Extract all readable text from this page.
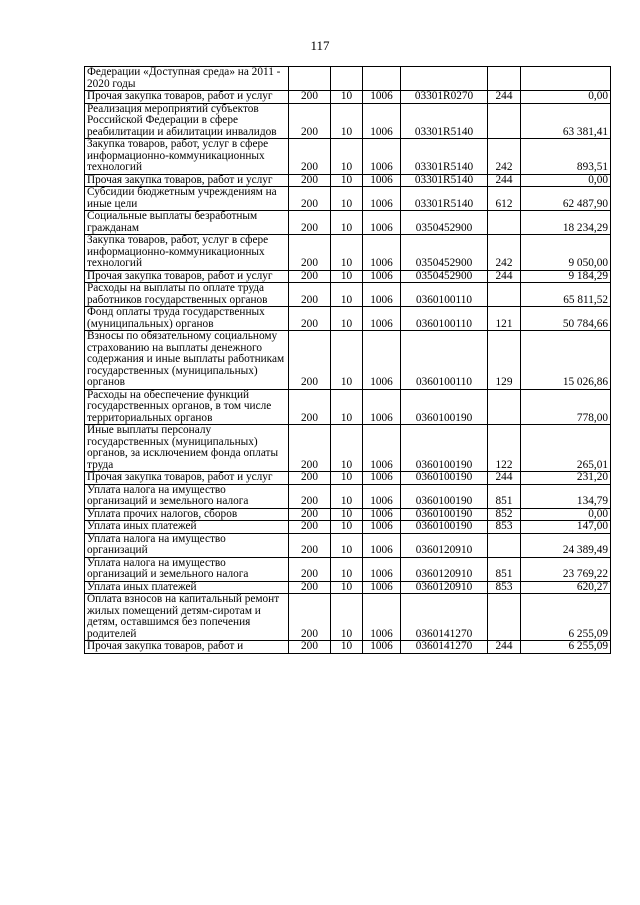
117
Федерации «Доступная среда» на 2011 - 2020 годы						
Прочая закупка товаров, работ и услуг	200	10	1006	03301R0270	244	0,00
Реализация мероприятий субъектов Российской Федерации в сфере реабилитации и абилитации инвалидов	200	10	1006	03301R5140		63 381,41
Закупка товаров, работ, услуг в сфере информационно-коммуникационных технологий	200	10	1006	03301R5140	242	893,51
Прочая закупка товаров, работ и услуг	200	10	1006	03301R5140	244	0,00
Субсидии бюджетным учреждениям на иные цели	200	10	1006	03301R5140	612	62 487,90
Социальные выплаты безработным гражданам	200	10	1006	0350452900		18 234,29
Закупка товаров, работ, услуг в сфере информационно-коммуникационных технологий	200	10	1006	0350452900	242	9 050,00
Прочая закупка товаров, работ и услуг	200	10	1006	0350452900	244	9 184,29
Расходы на выплаты по оплате труда работников государственных органов	200	10	1006	0360100110		65 811,52
Фонд оплаты труда государственных (муниципальных) органов	200	10	1006	0360100110	121	50 784,66
Взносы по обязательному социальному страхованию на выплаты денежного содержания и иные выплаты работникам государственных (муниципальных) органов	200	10	1006	0360100110	129	15 026,86
Расходы на обеспечение функций государственных органов, в том числе территориальных органов	200	10	1006	0360100190		778,00
Иные выплаты персоналу государственных (муниципальных) органов, за исключением фонда оплаты труда	200	10	1006	0360100190	122	265,01
Прочая закупка товаров, работ и услуг	200	10	1006	0360100190	244	231,20
Уплата налога на имущество организаций и земельного налога	200	10	1006	0360100190	851	134,79
Уплата прочих налогов, сборов	200	10	1006	0360100190	852	0,00
Уплата иных платежей	200	10	1006	0360100190	853	147,00
Уплата налога на имущество организаций	200	10	1006	0360120910		24 389,49
Уплата налога на имущество организаций и земельного налога	200	10	1006	0360120910	851	23 769,22
Уплата иных платежей	200	10	1006	0360120910	853	620,27
Оплата взносов на капитальный ремонт жилых помещений детям-сиротам и детям, оставшимся без попечения родителей	200	10	1006	0360141270		6 255,09
Прочая закупка товаров, работ и	200	10	1006	0360141270	244	6 255,09
